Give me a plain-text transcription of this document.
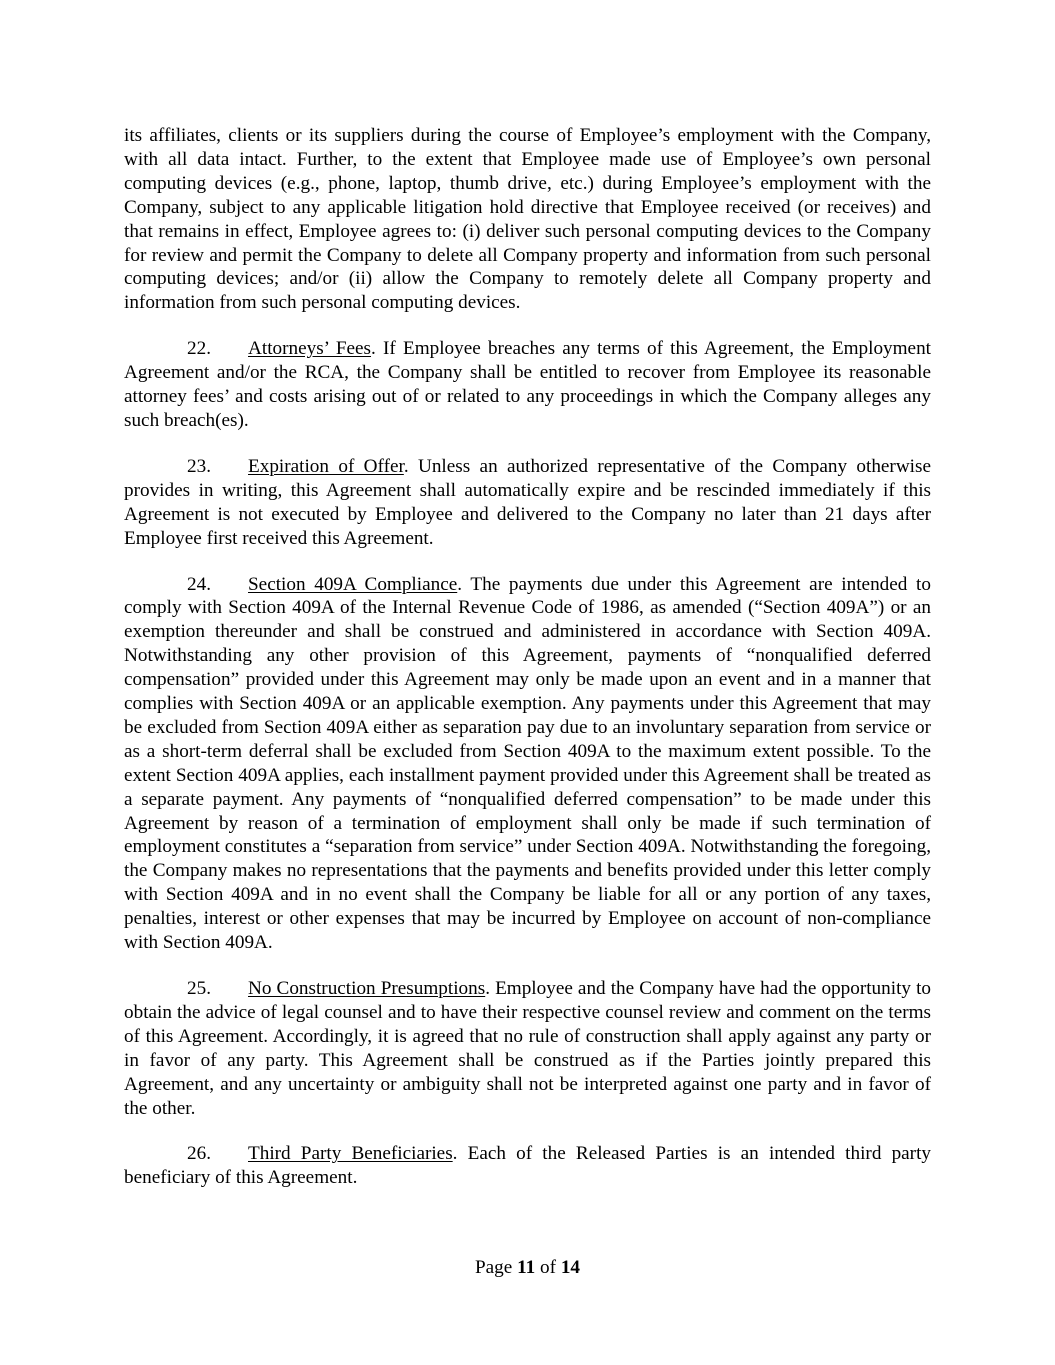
its affiliates, clients or its suppliers during the course of Employee’s employment with the Company, with all data intact. Further, to the extent that Employee made use of Employee’s own personal computing devices (e.g., phone, laptop, thumb drive, etc.) during Employee’s employment with the Company, subject to any applicable litigation hold directive that Employee received (or receives) and that remains in effect, Employee agrees to: (i) deliver such personal computing devices to the Company for review and permit the Company to delete all Company property and information from such personal computing devices; and/or (ii) allow the Company to remotely delete all Company property and information from such personal computing devices.

22. Attorneys’ Fees. If Employee breaches any terms of this Agreement, the Employment Agreement and/or the RCA, the Company shall be entitled to recover from Employee its reasonable attorney fees’ and costs arising out of or related to any proceedings in which the Company alleges any such breach(es).

23. Expiration of Offer. Unless an authorized representative of the Company otherwise provides in writing, this Agreement shall automatically expire and be rescinded immediately if this Agreement is not executed by Employee and delivered to the Company no later than 21 days after Employee first received this Agreement.

24. Section 409A Compliance. The payments due under this Agreement are intended to comply with Section 409A of the Internal Revenue Code of 1986, as amended (“Section 409A”) or an exemption thereunder and shall be construed and administered in accordance with Section 409A. Notwithstanding any other provision of this Agreement, payments of “nonqualified deferred compensation” provided under this Agreement may only be made upon an event and in a manner that complies with Section 409A or an applicable exemption. Any payments under this Agreement that may be excluded from Section 409A either as separation pay due to an involuntary separation from service or as a short-term deferral shall be excluded from Section 409A to the maximum extent possible. To the extent Section 409A applies, each installment payment provided under this Agreement shall be treated as a separate payment. Any payments of “nonqualified deferred compensation” to be made under this Agreement by reason of a termination of employment shall only be made if such termination of employment constitutes a “separation from service” under Section 409A. Notwithstanding the foregoing, the Company makes no representations that the payments and benefits provided under this letter comply with Section 409A and in no event shall the Company be liable for all or any portion of any taxes, penalties, interest or other expenses that may be incurred by Employee on account of non-compliance with Section 409A.

25. No Construction Presumptions. Employee and the Company have had the opportunity to obtain the advice of legal counsel and to have their respective counsel review and comment on the terms of this Agreement. Accordingly, it is agreed that no rule of construction shall apply against any party or in favor of any party. This Agreement shall be construed as if the Parties jointly prepared this Agreement, and any uncertainty or ambiguity shall not be interpreted against one party and in favor of the other.

26. Third Party Beneficiaries. Each of the Released Parties is an intended third party beneficiary of this Agreement.

Page 11 of 14
